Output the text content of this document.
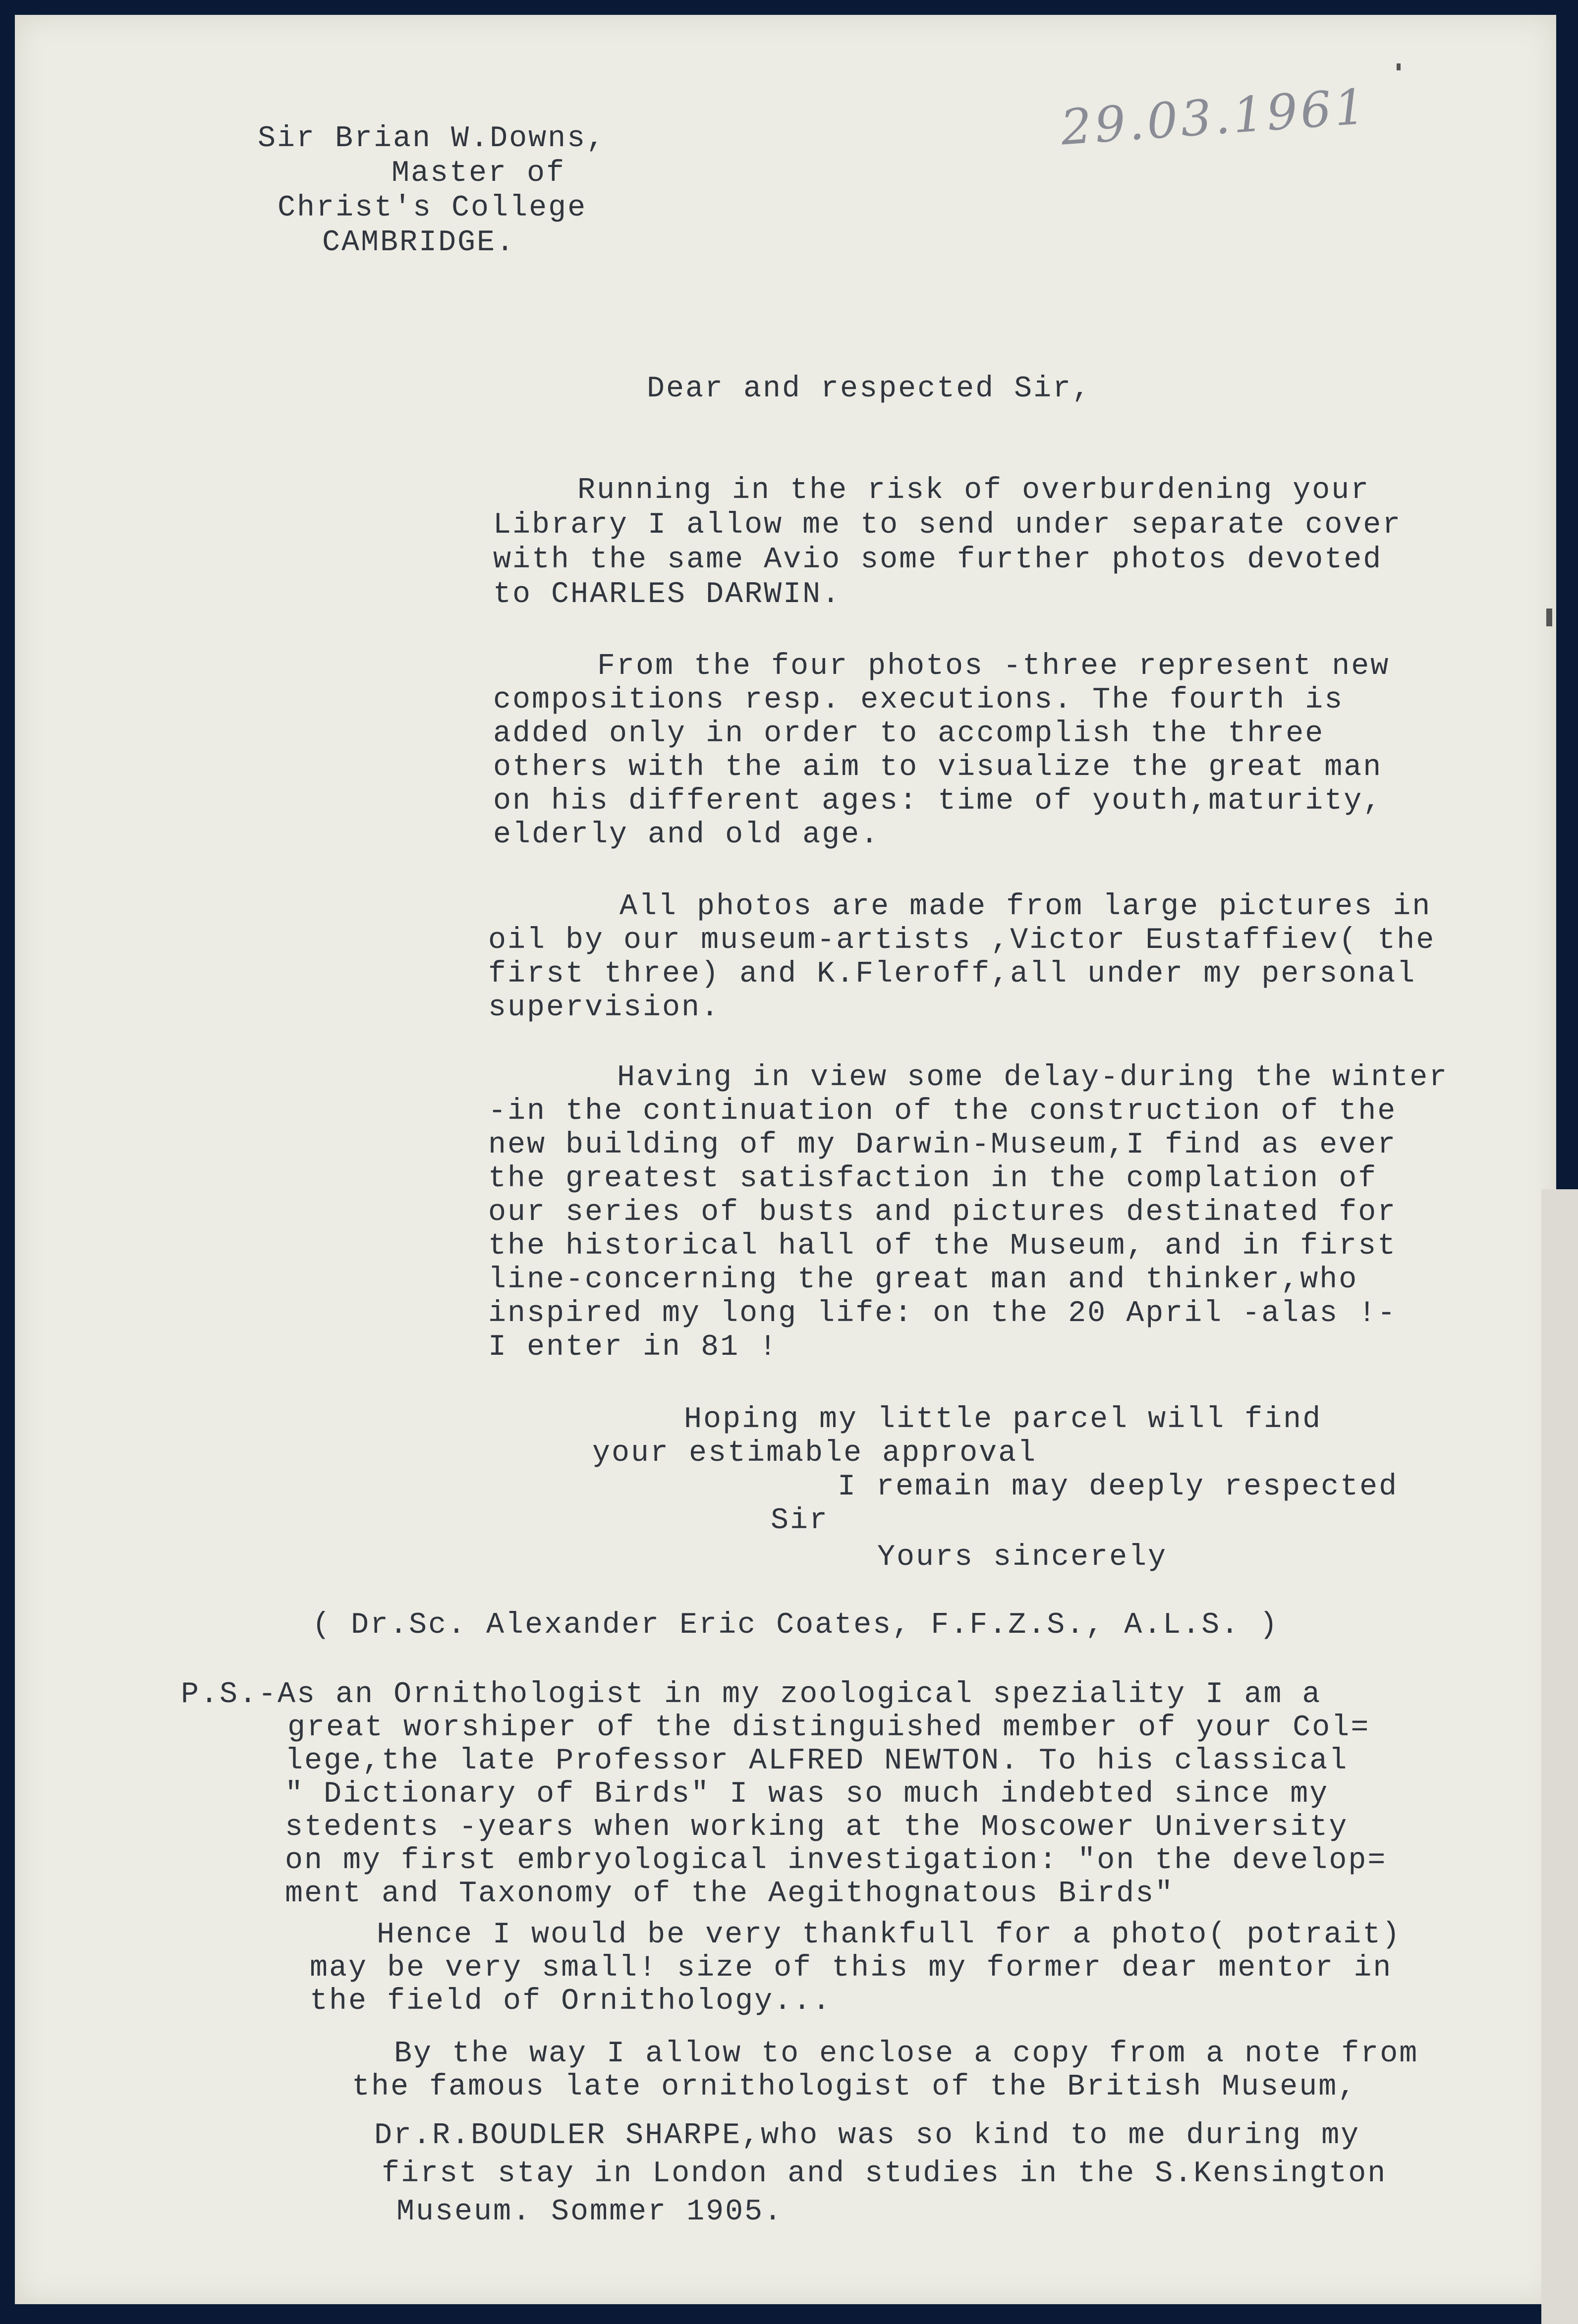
29.03.1961
Sir Brian W.Downs,
Master of
Christ's College
CAMBRIDGE.
Dear and respected Sir,
Running in the risk of overburdening your
Library I allow me to send under separate cover
with the same Avio some further photos devoted
to CHARLES DARWIN.
From the four photos -three represent new
compositions resp. executions. The fourth is
added only in order to accomplish the three
others with the aim to visualize the great man
on his different ages: time of youth,maturity,
elderly and old age.
All photos are made from large pictures in
oil by our museum-artists ,Victor Eustaffiev( the
first three) and K.Fleroff,all under my personal
supervision.
Having in view some delay-during the winter
-in the continuation of the construction of the
new building of my Darwin-Museum,I find as ever
the greatest satisfaction in the complation of
our series of busts and pictures destinated for
the historical hall of the Museum, and in first
line-concerning the great man and thinker,who
inspired my long life: on the 20 April -alas !-
I enter in 81 !
Hoping my little parcel will find
your estimable approval
I remain may deeply respected
Sir
Yours sincerely
( Dr.Sc. Alexander Eric Coates, F.F.Z.S., A.L.S. )
P.S.-As an Ornithologist in my zoological speziality I am a
great worshiper of the distinguished member of your Col=
lege,the late Professor ALFRED NEWTON. To his classical
" Dictionary of Birds" I was so much indebted since my
stedents -years when working at the Moscower University
on my first embryological investigation: "on the develop=
ment and Taxonomy of the Aegithognatous Birds"
Hence I would be very thankfull for a photo( potrait)
may be very small! size of this my former dear mentor in
the field of Ornithology...
By the way I allow to enclose a copy from a note from
the famous late ornithologist of the British Museum,
Dr.R.BOUDLER SHARPE,who was so kind to me during my
first stay in London and studies in the S.Kensington
Museum. Sommer 1905.
